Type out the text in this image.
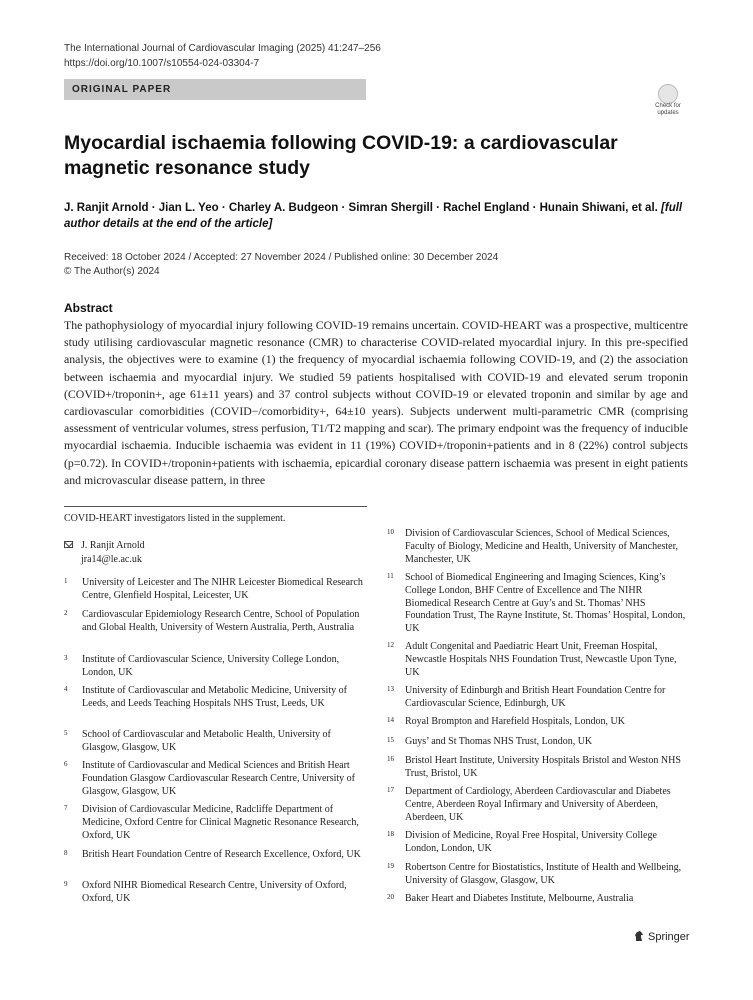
The International Journal of Cardiovascular Imaging (2025) 41:247–256
https://doi.org/10.1007/s10554-024-03304-7
ORIGINAL PAPER
Check for
updates
Myocardial ischaemia following COVID-19: a cardiovascular magnetic resonance study
J. Ranjit Arnold · Jian L. Yeo · Charley A. Budgeon · Simran Shergill · Rachel England · Hunain Shiwani, et al. [full author details at the end of the article]
Received: 18 October 2024 / Accepted: 27 November 2024 / Published online: 30 December 2024
© The Author(s) 2024
Abstract
The pathophysiology of myocardial injury following COVID-19 remains uncertain. COVID-HEART was a prospective, multicentre study utilising cardiovascular magnetic resonance (CMR) to characterise COVID-related myocardial injury. In this pre-specified analysis, the objectives were to examine (1) the frequency of myocardial ischaemia following COVID-19, and (2) the association between ischaemia and myocardial injury. We studied 59 patients hospitalised with COVID-19 and elevated serum troponin (COVID+/troponin+, age 61±11 years) and 37 control subjects without COVID-19 or elevated troponin and similar by age and cardiovascular comorbidities (COVID−/comorbidity+, 64±10 years). Subjects underwent multi-parametric CMR (comprising assessment of ventricular volumes, stress perfusion, T1/T2 mapping and scar). The primary endpoint was the frequency of inducible myocardial ischaemia. Inducible ischaemia was evident in 11 (19%) COVID+/troponin+patients and in 8 (22%) control subjects (p=0.72). In COVID+/troponin+patients with ischaemia, epicardial coronary disease pattern ischaemia was present in eight patients and microvascular disease pattern, in three
COVID-HEART investigators listed in the supplement.
J. Ranjit Arnold
jra14@le.ac.uk
1 University of Leicester and The NIHR Leicester Biomedical Research Centre, Glenfield Hospital, Leicester, UK
2 Cardiovascular Epidemiology Research Centre, School of Population and Global Health, University of Western Australia, Perth, Australia
3 Institute of Cardiovascular Science, University College London, London, UK
4 Institute of Cardiovascular and Metabolic Medicine, University of Leeds, and Leeds Teaching Hospitals NHS Trust, Leeds, UK
5 School of Cardiovascular and Metabolic Health, University of Glasgow, Glasgow, UK
6 Institute of Cardiovascular and Medical Sciences and British Heart Foundation Glasgow Cardiovascular Research Centre, University of Glasgow, Glasgow, UK
7 Division of Cardiovascular Medicine, Radcliffe Department of Medicine, Oxford Centre for Clinical Magnetic Resonance Research, Oxford, UK
8 British Heart Foundation Centre of Research Excellence, Oxford, UK
9 Oxford NIHR Biomedical Research Centre, University of Oxford, Oxford, UK
10 Division of Cardiovascular Sciences, School of Medical Sciences, Faculty of Biology, Medicine and Health, University of Manchester, Manchester, UK
11 School of Biomedical Engineering and Imaging Sciences, King’s College London, BHF Centre of Excellence and The NIHR Biomedical Research Centre at Guy’s and St. Thomas’ NHS Foundation Trust, The Rayne Institute, St. Thomas’ Hospital, London, UK
12 Adult Congenital and Paediatric Heart Unit, Freeman Hospital, Newcastle Hospitals NHS Foundation Trust, Newcastle Upon Tyne, UK
13 University of Edinburgh and British Heart Foundation Centre for Cardiovascular Science, Edinburgh, UK
14 Royal Brompton and Harefield Hospitals, London, UK
15 Guys’ and St Thomas NHS Trust, London, UK
16 Bristol Heart Institute, University Hospitals Bristol and Weston NHS Trust, Bristol, UK
17 Department of Cardiology, Aberdeen Cardiovascular and Diabetes Centre, Aberdeen Royal Infirmary and University of Aberdeen, Aberdeen, UK
18 Division of Medicine, Royal Free Hospital, University College London, London, UK
19 Robertson Centre for Biostatistics, Institute of Health and Wellbeing, University of Glasgow, Glasgow, UK
20 Baker Heart and Diabetes Institute, Melbourne, Australia
Springer
